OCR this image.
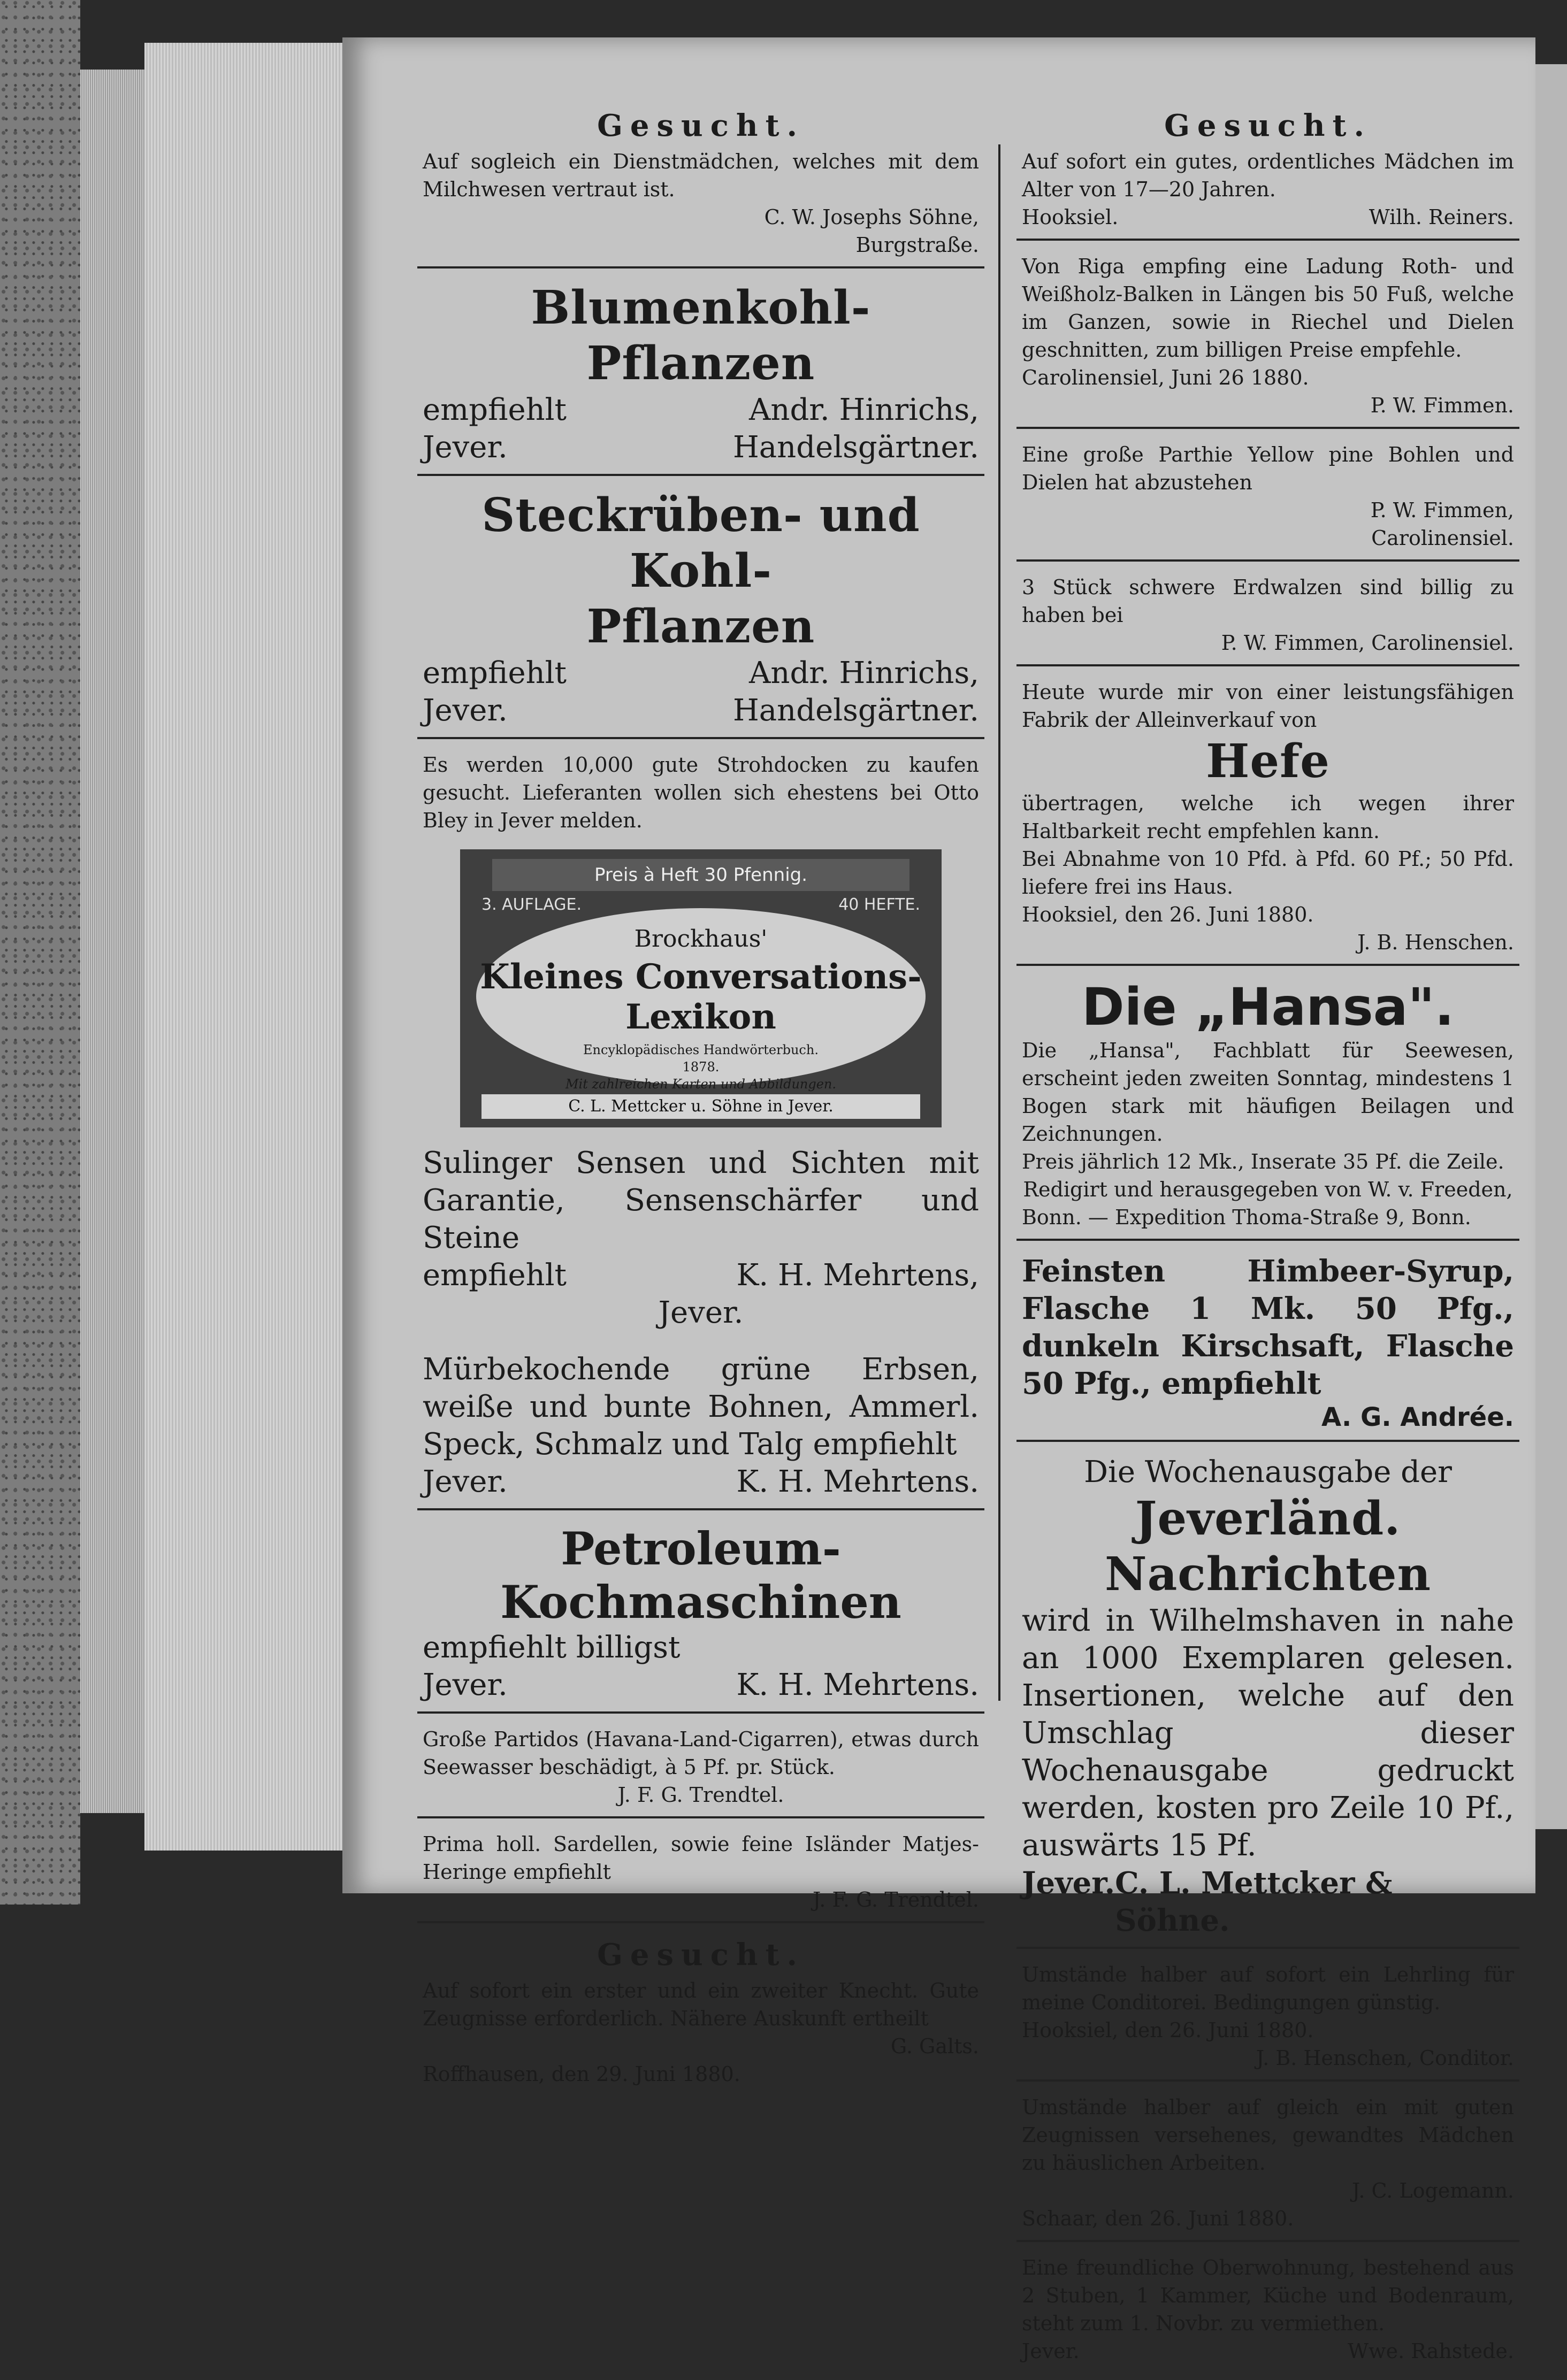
Gesucht.
Auf sogleich ein Dienstmädchen, welches mit dem Milchwesen vertraut ist.
C. W. Josephs Söhne,
Burgstraße.
Blumenkohl-Pflanzen
empfiehlt	Andr. Hinrichs,
Jever.	Handelsgärtner.
Steckrüben- und Kohl-
Pflanzen
empfiehlt	Andr. Hinrichs,
Jever.	Handelsgärtner.
Es werden 10,000 gute Strohdocken zu kaufen gesucht. Lieferanten wollen sich ehestens bei Otto Bley in Jever melden.
Preis à Heft 30 Pfennig.
3. AUFLAGE.	40 HEFTE.
Brockhaus'
Kleines Conversations-Lexikon
Encyklopädisches Handwörterbuch.
1878.
Mit zahlreichen Karten und Abbildungen.
C. L. Mettcker u. Söhne in Jever.
Sulinger Sensen und Sichten mit Garantie, Sensenschärfer und Steine
empfiehlt	K. H. Mehrtens,
Jever.
Mürbekochende grüne Erbsen, weiße und bunte Bohnen, Ammerl. Speck, Schmalz und Talg empfiehlt
Jever.	K. H. Mehrtens.
Petroleum-Kochmaschinen
empfiehlt billigst
Jever.	K. H. Mehrtens.
Große Partidos (Havana-Land-Cigarren), etwas durch Seewasser beschädigt, à 5 Pf. pr. Stück.
J. F. G. Trendtel.
Prima holl. Sardellen, sowie feine Isländer Matjes-Heringe empfiehlt
J. F. G. Trendtel.
Gesucht.
Auf sofort ein erster und ein zweiter Knecht. Gute Zeugnisse erforderlich. Nähere Auskunft ertheilt
G. Galts.
Roffhausen, den 29. Juni 1880.
Gesucht.
Auf sofort ein gutes, ordentliches Mädchen im Alter von 17—20 Jahren.
Hooksiel.	Wilh. Reiners.
Von Riga empfing eine Ladung Roth- und Weißholz-Balken in Längen bis 50 Fuß, welche im Ganzen, sowie in Riechel und Dielen geschnitten, zum billigen Preise empfehle.
Carolinensiel, Juni 26 1880.
P. W. Fimmen.
Eine große Parthie Yellow pine Bohlen und Dielen hat abzustehen
P. W. Fimmen,
Carolinensiel.
3 Stück schwere Erdwalzen sind billig zu haben bei
P. W. Fimmen, Carolinensiel.
Heute wurde mir von einer leistungsfähigen Fabrik der Alleinverkauf von
Hefe
übertragen, welche ich wegen ihrer Haltbarkeit recht empfehlen kann.
Bei Abnahme von 10 Pfd. à Pfd. 60 Pf.; 50 Pfd. liefere frei ins Haus.
Hooksiel, den 26. Juni 1880.
J. B. Henschen.
Die „Hansa".
Die „Hansa", Fachblatt für Seewesen, erscheint jeden zweiten Sonntag, mindestens 1 Bogen stark mit häufigen Beilagen und Zeichnungen.
Preis jährlich 12 Mk., Inserate 35 Pf. die Zeile.
Redigirt und herausgegeben von W. v. Freeden,
Bonn. — Expedition Thoma-Straße 9, Bonn.
Feinsten Himbeer-Syrup, Flasche 1 Mk. 50 Pfg., dunkeln Kirschsaft, Flasche 50 Pfg., empfiehlt
A. G. Andrée.
Die Wochenausgabe der
Jeverländ. Nachrichten
wird in Wilhelmshaven in nahe an 1000 Exemplaren gelesen. Insertionen, welche auf den Umschlag dieser Wochenausgabe gedruckt werden, kosten pro Zeile 10 Pf., auswärts 15 Pf.
Jever. C. L. Mettcker & Söhne.
Umstände halber auf sofort ein Lehrling für meine Conditorei. Bedingungen günstig.
Hooksiel, den 26. Juni 1880.
J. B. Henschen, Conditor.
Umstände halber auf gleich ein mit guten Zeugnissen versehenes, gewandtes Mädchen zu häuslichen Arbeiten.
J. C. Logemann.
Schaar, den 26. Juni 1880.
Eine freundliche Oberwohnung, bestehend aus 2 Stuben, 1 Kammer, Küche und Bodenraum, steht zum 1. Novbr. zu vermiethen.
Jever.	Wwe. Rahstede.
